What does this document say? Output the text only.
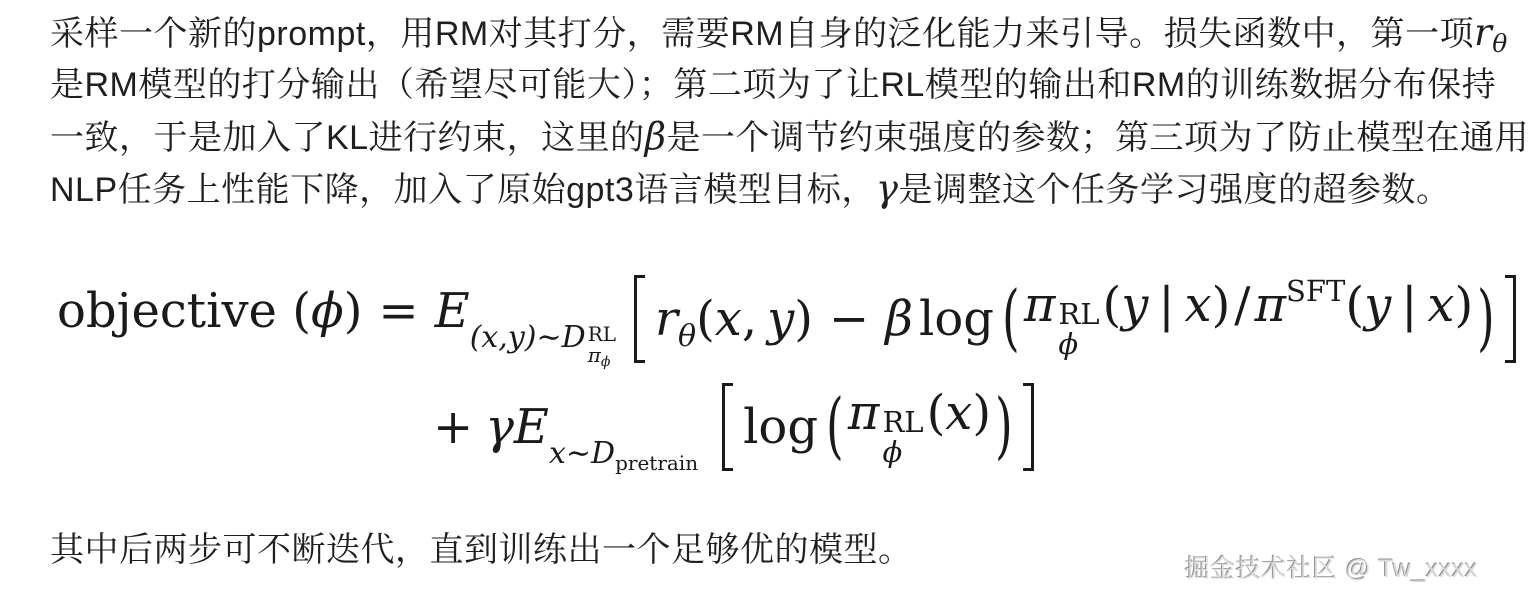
采样一个新的prompt，用RM对其打分，需要RM自身的泛化能力来引导。损失函数中，第一项$r_\theta$
是RM模型的打分输出（希望尽可能大）；第二项为了让RL模型的输出和RM的训练数据分布保持
一致，于是加入了KL进行约束，这里的β是一个调节约束强度的参数；第三项为了防止模型在通用
NLP任务上性能下降，加入了原始gpt3语言模型目标，γ是调整这个任务学习强度的超参数。
objective (ϕ) = E(x,y)∼D RL
$\pi_\phi$
$r_\theta(x$, y) − β log ( π RL
ϕ
(y | $x)/\pi^{SFT}(y$ | x) )
+ $\gamma Ex\sim D_{pretrain}$
log ( π RL
ϕ
(x) )
其中后两步可不断迭代，直到训练出一个足够优的模型。	掘金技术社区 @ Tw_xxxx
